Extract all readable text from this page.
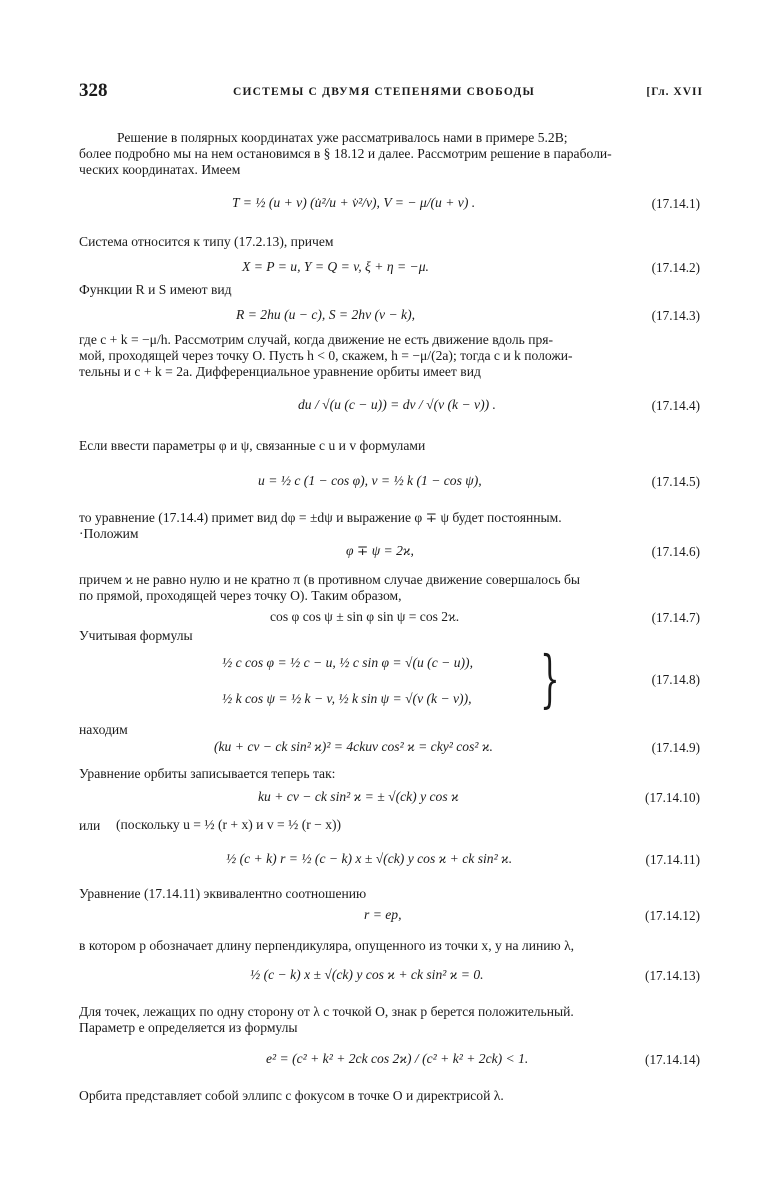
328	СИСТЕМЫ С ДВУМЯ СТЕПЕНЯМИ СВОБОДЫ	[Гл. XVII
Решение в полярных координатах уже рассматривалось нами в примере 5.2В;
более подробно мы на нем остановимся в § 18.12 и далее. Рассмотрим решение в параболи-
ческих координатах. Имеем
T = ½ (u + v) (u̇²/u + v̇²/v), V = − μ/(u + v) .	(17.14.1)
Система относится к типу (17.2.13), причем
X = P = u, Y = Q = v, ξ + η = −μ.	(17.14.2)
Функции R и S имеют вид
R = 2hu (u − c), S = 2hv (v − k),	(17.14.3)
где c + k = −μ/h. Рассмотрим случай, когда движение не есть движение вдоль пря-
мой, проходящей через точку O. Пусть h < 0, скажем, h = −μ/(2a); тогда c и k положи-
тельны и c + k = 2a. Дифференциальное уравнение орбиты имеет вид
du / √(u (c − u)) = dv / √(v (k − v)) .	(17.14.4)
Если ввести параметры φ и ψ, связанные с u и v формулами
u = ½ c (1 − cos φ), v = ½ k (1 − cos ψ),	(17.14.5)
то уравнение (17.14.4) примет вид dφ = ±dψ и выражение φ ∓ ψ будет постоянным.
·Положим
φ ∓ ψ = 2ϰ,	(17.14.6)
причем ϰ не равно нулю и не кратно π (в противном случае движение совершалось бы
по прямой, проходящей через точку O). Таким образом,
cos φ cos ψ ± sin φ sin ψ = cos 2ϰ.	(17.14.7)
Учитывая формулы
½ c cos φ = ½ c − u, ½ c sin φ = √(u (c − u)),
½ k cos ψ = ½ k − v, ½ k sin ψ = √(v (k − v)), }	(17.14.8)
находим
(ku + cv − ck sin² ϰ)² = 4ckuv cos² ϰ = cky² cos² ϰ.	(17.14.9)
Уравнение орбиты записывается теперь так:
ku + cv − ck sin² ϰ = ± √(ck) y cos ϰ	(17.14.10)
или	(поскольку u = ½ (r + x) и v = ½ (r − x))
½ (c + k) r = ½ (c − k) x ± √(ck) y cos ϰ + ck sin² ϰ.	(17.14.11)
Уравнение (17.14.11) эквивалентно соотношению
r = ep,	(17.14.12)
в котором p обозначает длину перпендикуляра, опущенного из точки x, y на линию λ,
½ (c − k) x ± √(ck) y cos ϰ + ck sin² ϰ = 0.	(17.14.13)
Для точек, лежащих по одну сторону от λ с точкой O, знак p берется положительный.
Параметр e определяется из формулы
e² = (c² + k² + 2ck cos 2ϰ) / (c² + k² + 2ck) < 1.	(17.14.14)
Орбита представляет собой эллипс с фокусом в точке O и директрисой λ.
